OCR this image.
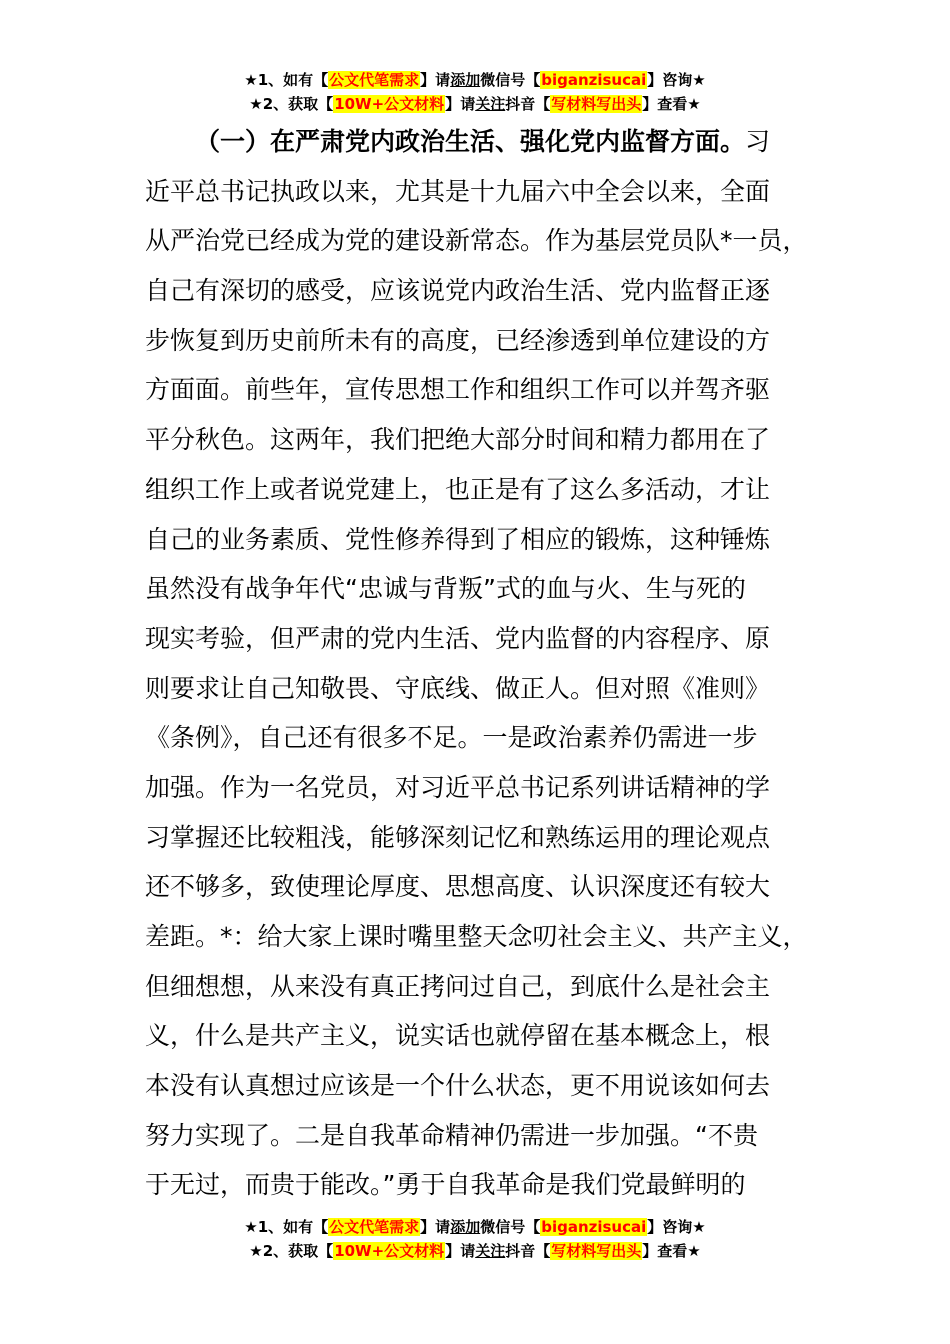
★1、如有【公文代笔需求】请添加微信号【biganzisucai】咨询★
★2、获取【10W+公文材料】请关注抖音【写材料写出头】查看★
（一）在严肃党内政治生活、强化党内监督方面。习
近平总书记执政以来，尤其是十九届六中全会以来，全面
从严治党已经成为党的建设新常态。作为基层党员队*一员，
自己有深切的感受，应该说党内政治生活、党内监督正逐
步恢复到历史前所未有的高度，已经渗透到单位建设的方
方面面。前些年，宣传思想工作和组织工作可以并驾齐驱
平分秋色。这两年，我们把绝大部分时间和精力都用在了
组织工作上或者说党建上，也正是有了这么多活动，才让
自己的业务素质、党性修养得到了相应的锻炼，这种锤炼
虽然没有战争年代“忠诚与背叛”式的血与火、生与死的
现实考验，但严肃的党内生活、党内监督的内容程序、原
则要求让自己知敬畏、守底线、做正人。但对照《准则》
《条例》，自己还有很多不足。一是政治素养仍需进一步
加强。作为一名党员，对习近平总书记系列讲话精神的学
习掌握还比较粗浅，能够深刻记忆和熟练运用的理论观点
还不够多，致使理论厚度、思想高度、认识深度还有较大
差距。*：给大家上课时嘴里整天念叨社会主义、共产主义，
但细想想，从来没有真正拷问过自己，到底什么是社会主
义，什么是共产主义，说实话也就停留在基本概念上，根
本没有认真想过应该是一个什么状态，更不用说该如何去
努力实现了。二是自我革命精神仍需进一步加强。“不贵
于无过，而贵于能改。”勇于自我革命是我们党最鲜明的
★1、如有【公文代笔需求】请添加微信号【biganzisucai】咨询★
★2、获取【10W+公文材料】请关注抖音【写材料写出头】查看★
